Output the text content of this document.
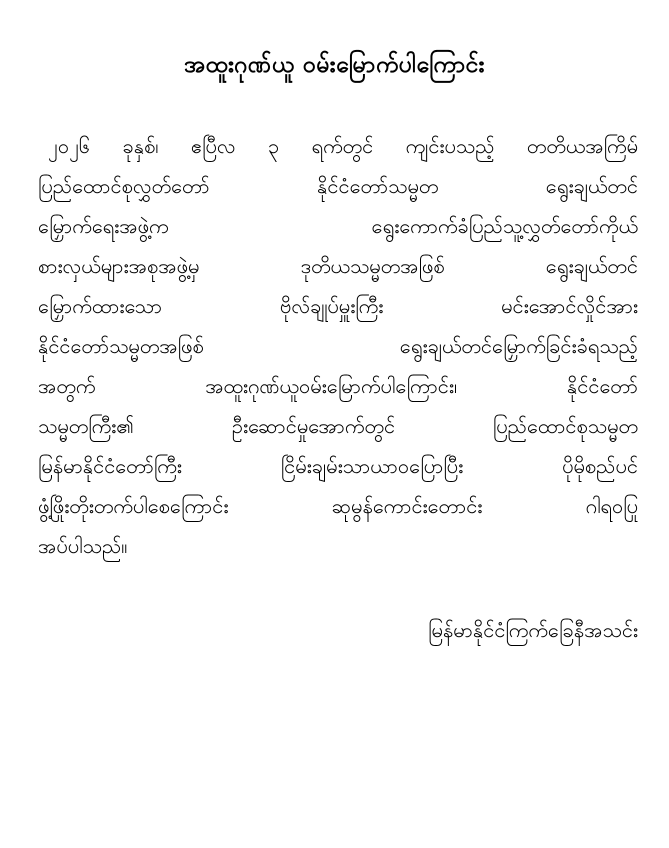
အထူးဂုဏ်ယူ ဝမ်းမြောက်ပါကြောင်း
၂၀၂၆ ခုနှစ်၊ ဧပြီလ ၃ ရက်တွင် ကျင်းပသည့် တတိယအကြိမ်
ပြည်ထောင်စုလွှတ်တော် နိုင်ငံတော်သမ္မတ ရွေးချယ်တင်
မြှောက်ရေးအဖွဲ့က ရွေးကောက်ခံပြည်သူ့လွှတ်တော်ကိုယ်
စားလှယ်များအစုအဖွဲ့မှ ဒုတိယသမ္မတအဖြစ် ရွေးချယ်တင်
မြှောက်ထားသော ဗိုလ်ချုပ်မှူးကြီး မင်းအောင်လှိုင်အား
နိုင်ငံတော်သမ္မတအဖြစ် ရွေးချယ်တင်မြှောက်ခြင်းခံရသည့်
အတွက် အထူးဂုဏ်ယူဝမ်းမြောက်ပါကြောင်း၊ နိုင်ငံတော်
သမ္မတကြီး၏ ဦးဆောင်မှုအောက်တွင် ပြည်ထောင်စုသမ္မတ
မြန်မာနိုင်ငံတော်ကြီး ငြိမ်းချမ်းသာယာဝပြောပြီး ပိုမိုစည်ပင်
ဖွံ့ဖြိုးတိုးတက်ပါစေကြောင်း ဆုမွန်ကောင်းတောင်း ဂါရဝပြု
အပ်ပါသည်။
မြန်မာနိုင်ငံကြက်ခြေနီအသင်း
